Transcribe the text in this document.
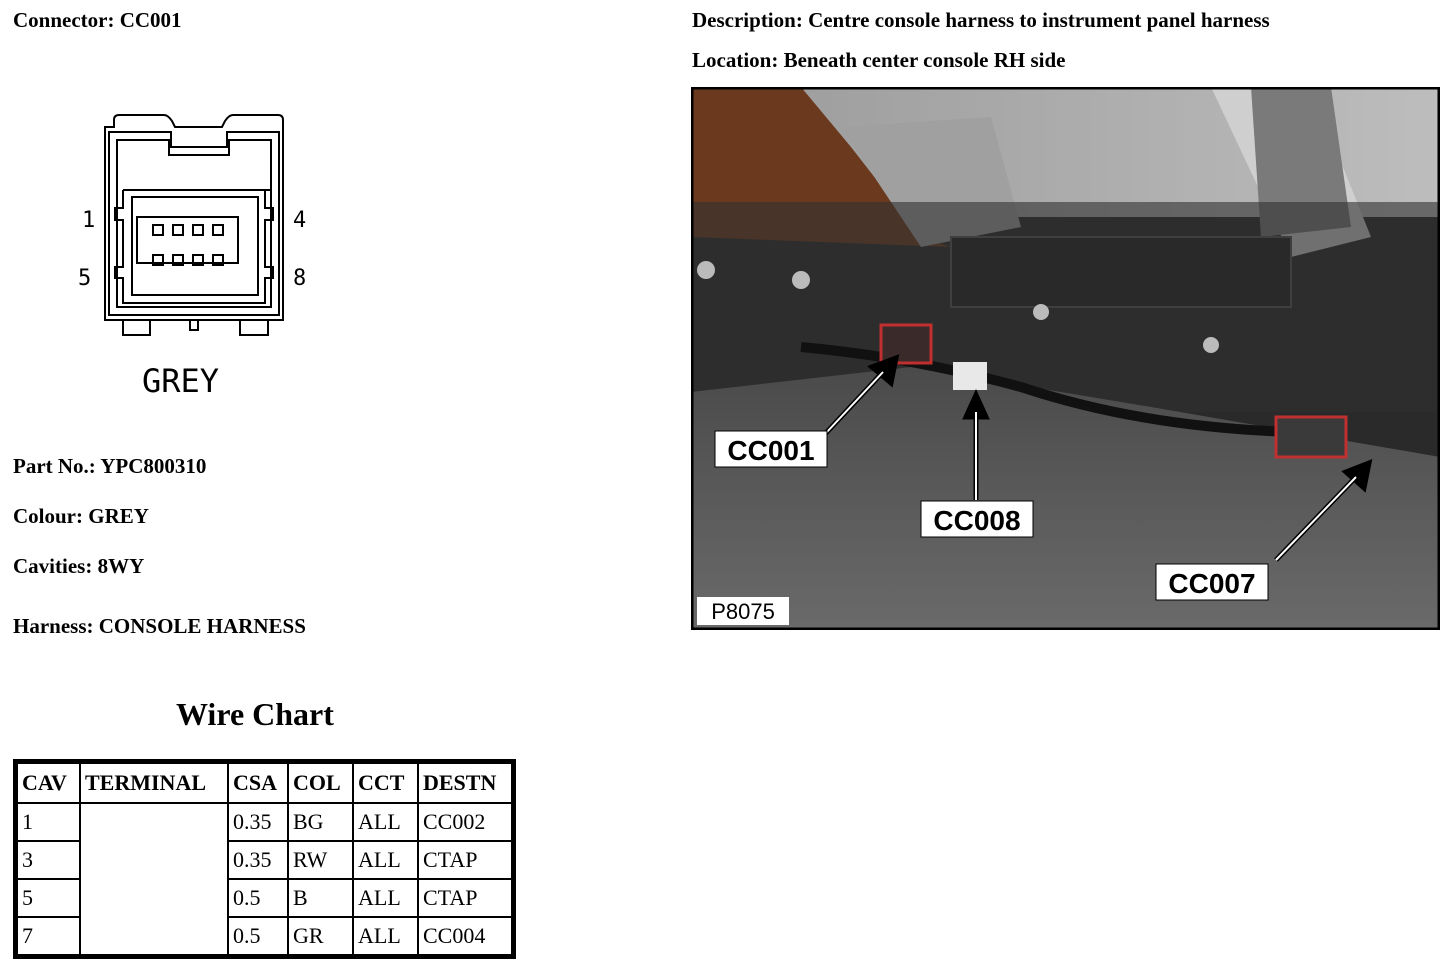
Connector: CC001	Description: Centre console harness to instrument panel harness
Location: Beneath center console RH side
1	4
5	8
GREY
Part No.: YPC800310
Colour: GREY
Cavities: 8WY
Harness: CONSOLE HARNESS
CC001
CC008
CC007
P8075
Wire Chart
CAV	TERMINAL	CSA	COL	CCT	DESTN
1		0.35	BG	ALL	CC002
3		0.35	RW	ALL	CTAP
5		0.5	B	ALL	CTAP
7		0.5	GR	ALL	CC004
